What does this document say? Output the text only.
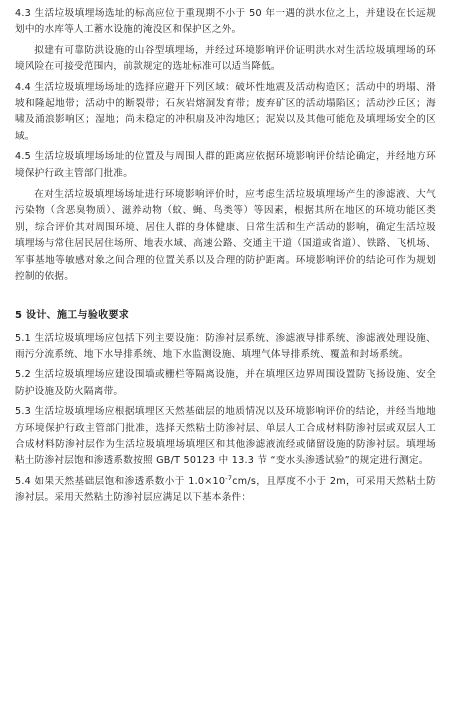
4.3 生活垃圾填埋场选址的标高应位于重现期不小于 50 年一遇的洪水位之上，并建设在长远规划中的水库等人工蓄水设施的淹没区和保护区之外。

拟建有可靠防洪设施的山谷型填埋场，并经过环境影响评价证明洪水对生活垃圾填埋场的环境风险在可接受范围内，前款规定的选址标准可以适当降低。

4.4 生活垃圾填埋场场址的选择应避开下列区域：破坏性地震及活动构造区；活动中的坍塌、滑坡和隆起地带；活动中的断裂带；石灰岩熔洞发育带；废弃矿区的活动塌陷区；活动沙丘区；海啸及涌浪影响区；湿地；尚未稳定的冲积扇及冲沟地区；泥炭以及其他可能危及填埋场安全的区域。

4.5 生活垃圾填埋场场址的位置及与周围人群的距离应依据环境影响评价结论确定，并经地方环境保护行政主管部门批准。

在对生活垃圾填埋场场址进行环境影响评价时，应考虑生活垃圾填埋场产生的渗滤液、大气污染物（含恶臭物质）、滋养动物（蚊、蝇、鸟类等）等因素，根据其所在地区的环境功能区类别，综合评价其对周围环境、居住人群的身体健康、日常生活和生产活动的影响，确定生活垃圾填埋场与常住居民居住场所、地表水域、高速公路、交通主干道（国道或省道）、铁路、飞机场、军事基地等敏感对象之间合理的位置关系以及合理的防护距离。环境影响评价的结论可作为规划控制的依据。

5 设计、施工与验收要求

5.1 生活垃圾填埋场应包括下列主要设施：防渗衬层系统、渗滤液导排系统、渗滤液处理设施、雨污分流系统、地下水导排系统、地下水监测设施、填埋气体导排系统、覆盖和封场系统。

5.2 生活垃圾填埋场应建设围墙或栅栏等隔离设施，并在填埋区边界周围设置防飞扬设施、安全防护设施及防火隔离带。

5.3 生活垃圾填埋场应根据填埋区天然基础层的地质情况以及环境影响评价的结论，并经当地地方环境保护行政主管部门批准，选择天然粘土防渗衬层、单层人工合成材料防渗衬层或双层人工合成材料防渗衬层作为生活垃圾填埋场填埋区和其他渗滤液流经或储留设施的防渗衬层。填埋场粘土防渗衬层饱和渗透系数按照 GB/T 50123 中 13.3 节 “变水头渗透试验”的规定进行测定。

5.4 如果天然基础层饱和渗透系数小于 $1.0\times 10^{-7}cm/s$，且厚度不小于 2m，可采用天然粘土防渗衬层。采用天然粘土防渗衬层应满足以下基本条件：
